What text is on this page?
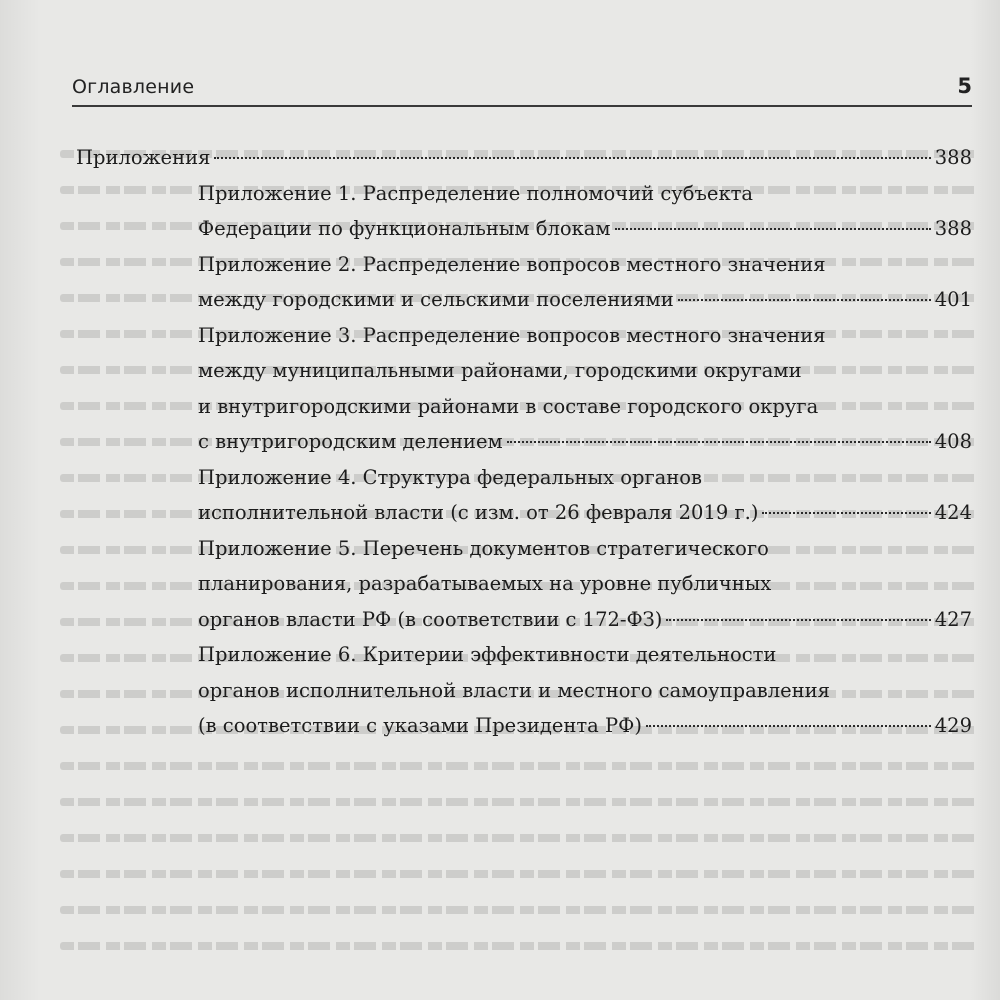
Оглавление	5
Приложения	388
Приложение 1. Распределение полномочий субъекта
Федерации по функциональным блокам	388
Приложение 2. Распределение вопросов местного значения
между городскими и сельскими поселениями	401
Приложение 3. Распределение вопросов местного значения
между муниципальными районами, городскими округами
и внутригородскими районами в составе городского округа
с внутригородским делением	408
Приложение 4. Структура федеральных органов
исполнительной власти (с изм. от 26 февраля 2019 г.)	424
Приложение 5. Перечень документов стратегического
планирования, разрабатываемых на уровне публичных
органов власти РФ (в соответствии с 172-ФЗ)	427
Приложение 6. Критерии эффективности деятельности
органов исполнительной власти и местного самоуправления
(в соответствии с указами Президента РФ)	429
